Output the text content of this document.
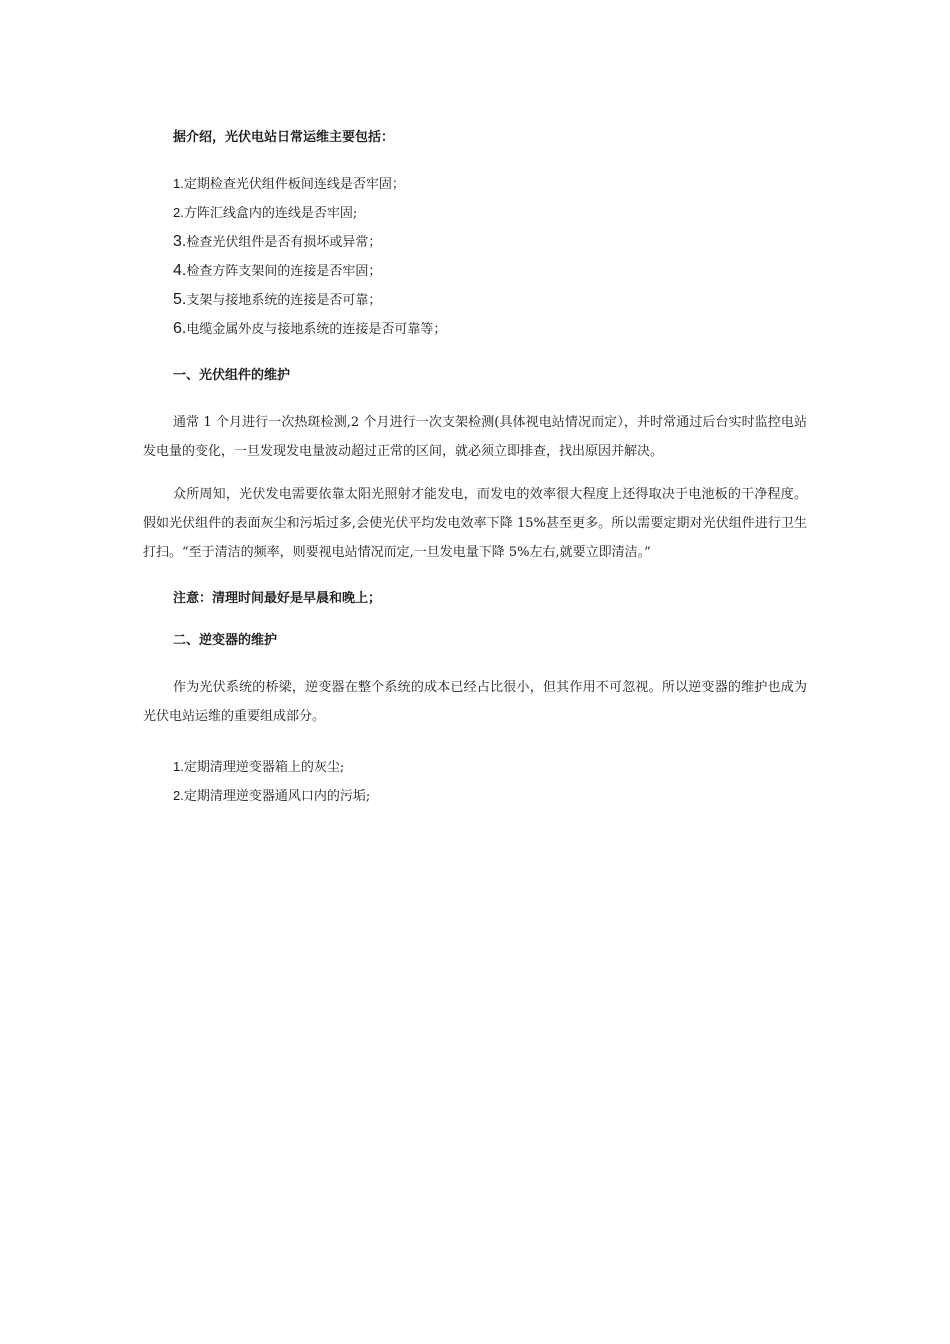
据介绍，光伏电站日常运维主要包括：

1.定期检查光伏组件板间连线是否牢固；
2.方阵汇线盒内的连线是否牢固;
3.检查光伏组件是否有损坏或异常；
4.检查方阵支架间的连接是否牢固；
5.支架与接地系统的连接是否可靠；
6.电缆金属外皮与接地系统的连接是否可靠等；

一、光伏组件的维护

通常 1 个月进行一次热斑检测,2 个月进行一次支架检测(具体视电站情况而定），并时常通过后台实时监控电站发电量的变化，一旦发现发电量波动超过正常的区间，就必须立即排查，找出原因并解决。

众所周知，光伏发电需要依靠太阳光照射才能发电，而发电的效率很大程度上还得取决于电池板的干净程度。假如光伏组件的表面灰尘和污垢过多,会使光伏平均发电效率下降 15%甚至更多。所以需要定期对光伏组件进行卫生打扫。“至于清洁的频率，则要视电站情况而定,一旦发电量下降 5%左右,就要立即清洁。”

注意：清理时间最好是早晨和晚上；

二、逆变器的维护

作为光伏系统的桥梁，逆变器在整个系统的成本已经占比很小，但其作用不可忽视。所以逆变器的维护也成为光伏电站运维的重要组成部分。

1.定期清理逆变器箱上的灰尘;
2.定期清理逆变器通风口内的污垢;
